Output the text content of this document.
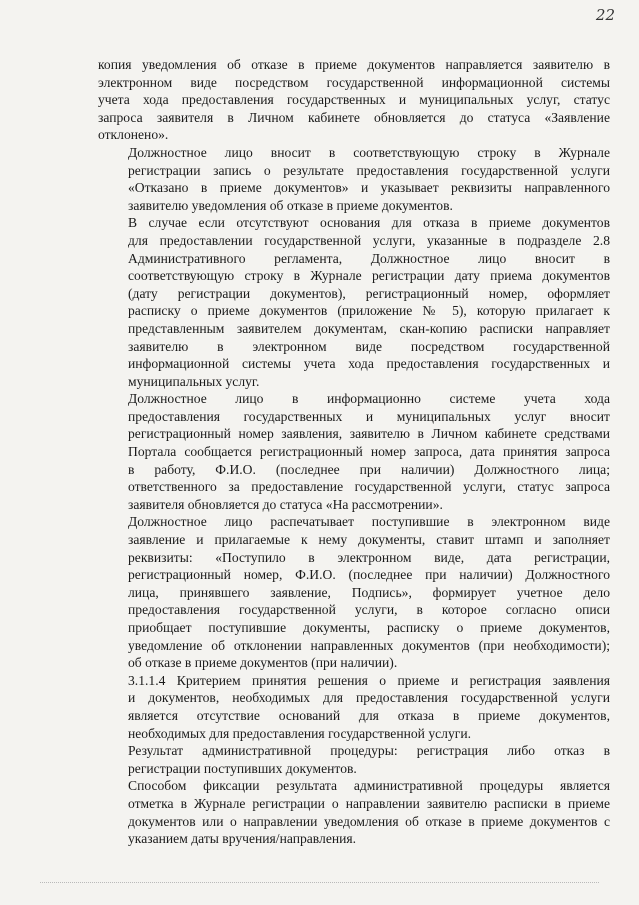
22

копия уведомления об отказе в приеме документов направляется заявителю в
электронном виде посредством государственной информационной системы
учета хода предоставления государственных и муниципальных услуг, статус
запроса заявителя в Личном кабинете обновляется до статуса «Заявление
отклонено».

Должностное лицо вносит в соответствующую строку в Журнале
регистрации запись о результате предоставления государственной услуги
«Отказано в приеме документов» и указывает реквизиты направленного
заявителю уведомления об отказе в приеме документов.

В случае если отсутствуют основания для отказа в приеме документов
для предоставлении государственной услуги, указанные в подразделе 2.8
Административного регламента, Должностное лицо вносит в
соответствующую строку в Журнале регистрации дату приема документов
(дату регистрации документов), регистрационный номер, оформляет
расписку о приеме документов (приложение № 5), которую прилагает к
представленным заявителем документам, скан-копию расписки направляет
заявителю в электронном виде посредством государственной
информационной системы учета хода предоставления государственных и
муниципальных услуг.

Должностное лицо в информационно системе учета хода
предоставления государственных и муниципальных услуг вносит
регистрационный номер заявления, заявителю в Личном кабинете средствами
Портала сообщается регистрационный номер запроса, дата принятия запроса
в работу, Ф.И.О. (последнее при наличии) Должностного лица;
ответственного за предоставление государственной услуги, статус запроса
заявителя обновляется до статуса «На рассмотрении».

Должностное лицо распечатывает поступившие в электронном виде
заявление и прилагаемые к нему документы, ставит штамп и заполняет
реквизиты: «Поступило в электронном виде, дата регистрации,
регистрационный номер, Ф.И.О. (последнее при наличии) Должностного
лица, принявшего заявление, Подпись», формирует учетное дело
предоставления государственной услуги, в которое согласно описи
приобщает поступившие документы, расписку о приеме документов,
уведомление об отклонении направленных документов (при необходимости);
об отказе в приеме документов (при наличии).

3.1.1.4 Критерием принятия решения о приеме и регистрация заявления
и документов, необходимых для предоставления государственной услуги
является отсутствие оснований для отказа в приеме документов,
необходимых для предоставления государственной услуги.

Результат административной процедуры: регистрация либо отказ в
регистрации поступивших документов.

Способом фиксации результата административной процедуры является
отметка в Журнале регистрации о направлении заявителю расписки в приеме
документов или о направлении уведомления об отказе в приеме документов с
указанием даты вручения/направления.
